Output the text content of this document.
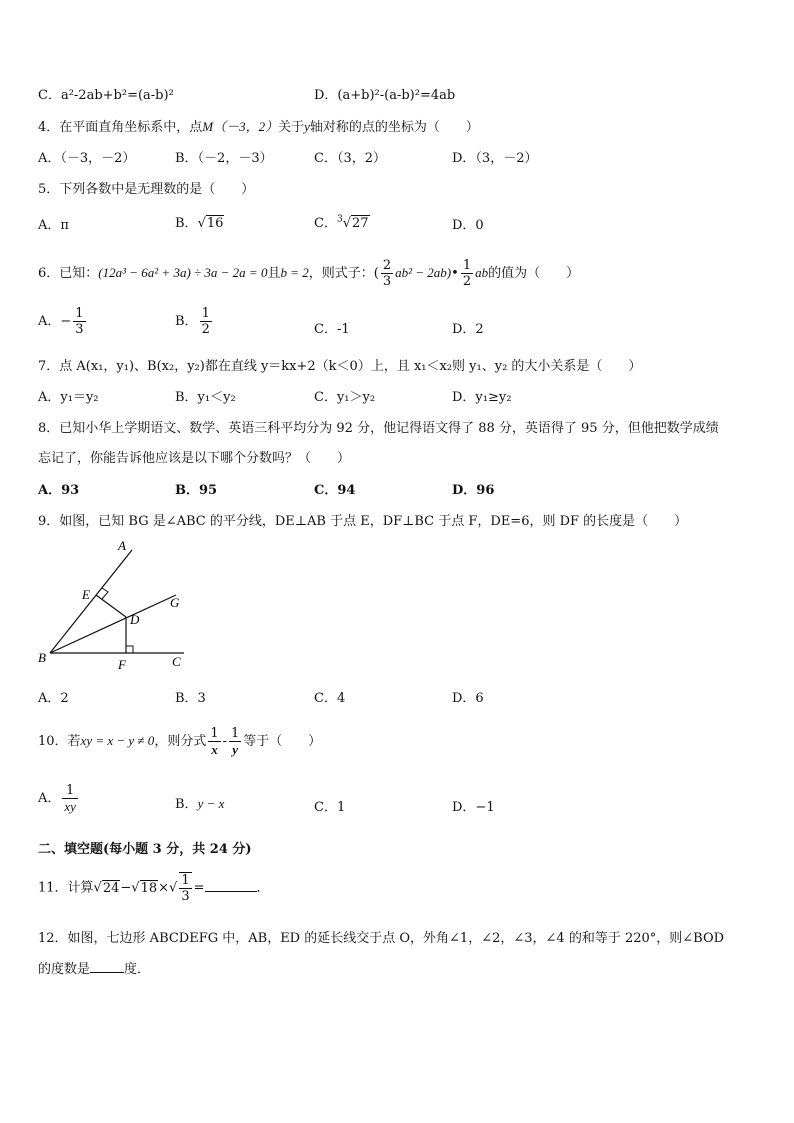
C．a²-2ab+b²=(a-b)²	D．(a+b)²-(a-b)²=4ab
4．在平面直角坐标系中，点M（－3，2）关于y轴对称的点的坐标为（　　）
A．（－3，－2）	B．（－2，－3）	C．（3，2）	D．（3，－2）
5．下列各数中是无理数的是（　　）
A．π	B．√16	C．$^3$√27	D．0
6．已知：(12a³ − 6a² + 3a) ÷ 3a − 2a = 0且b = 2，则式子：( $\frac{2}{3} ab^2$ − 2ab)• $\frac{1}{2}$ ab的值为（　　）
A．− $\frac{1}{3}$	B． $\frac{1}{2}$	C．-1	D．2
7．点 A(x₁，y₁)、B(x₂，y₂)都在直线 y＝kx+2（k＜0）上，且 x₁＜x₂则 y₁、y₂ 的大小关系是（　　）
A．y₁＝y₂	B．y₁＜y₂	C．y₁＞y₂	D．y₁≥y₂
8．已知小华上学期语文、数学、英语三科平均分为 92 分，他记得语文得了 88 分，英语得了 95 分，但他把数学成绩
忘记了，你能告诉他应该是以下哪个分数吗？（　　）
A．93	B．95	C．94	D．96
9．如图，已知 BG 是∠ABC 的平分线，DE⊥AB 于点 E，DF⊥BC 于点 F，DE=6，则 DF 的长度是（　　）
A
E
G
D
B	F	C
A．2	B．3	C．4	D．6
10．若xy = x − y ≠ 0，则分式 $\frac{1}{x} - \frac{1}{y}$ 等于（　　）
A． $\frac{1}{xy}$	B．y − x	C．1	D．−1
二、填空题(每小题 3 分，共 24 分)
11．计算$√24-√18\times√ \frac{1}{3}$ =	．
12．如图，七边形 ABCDEFG 中，AB，ED 的延长线交于点 O，外角∠1，∠2，∠3，∠4 的和等于 220°，则∠BOD
的度数是	度．
